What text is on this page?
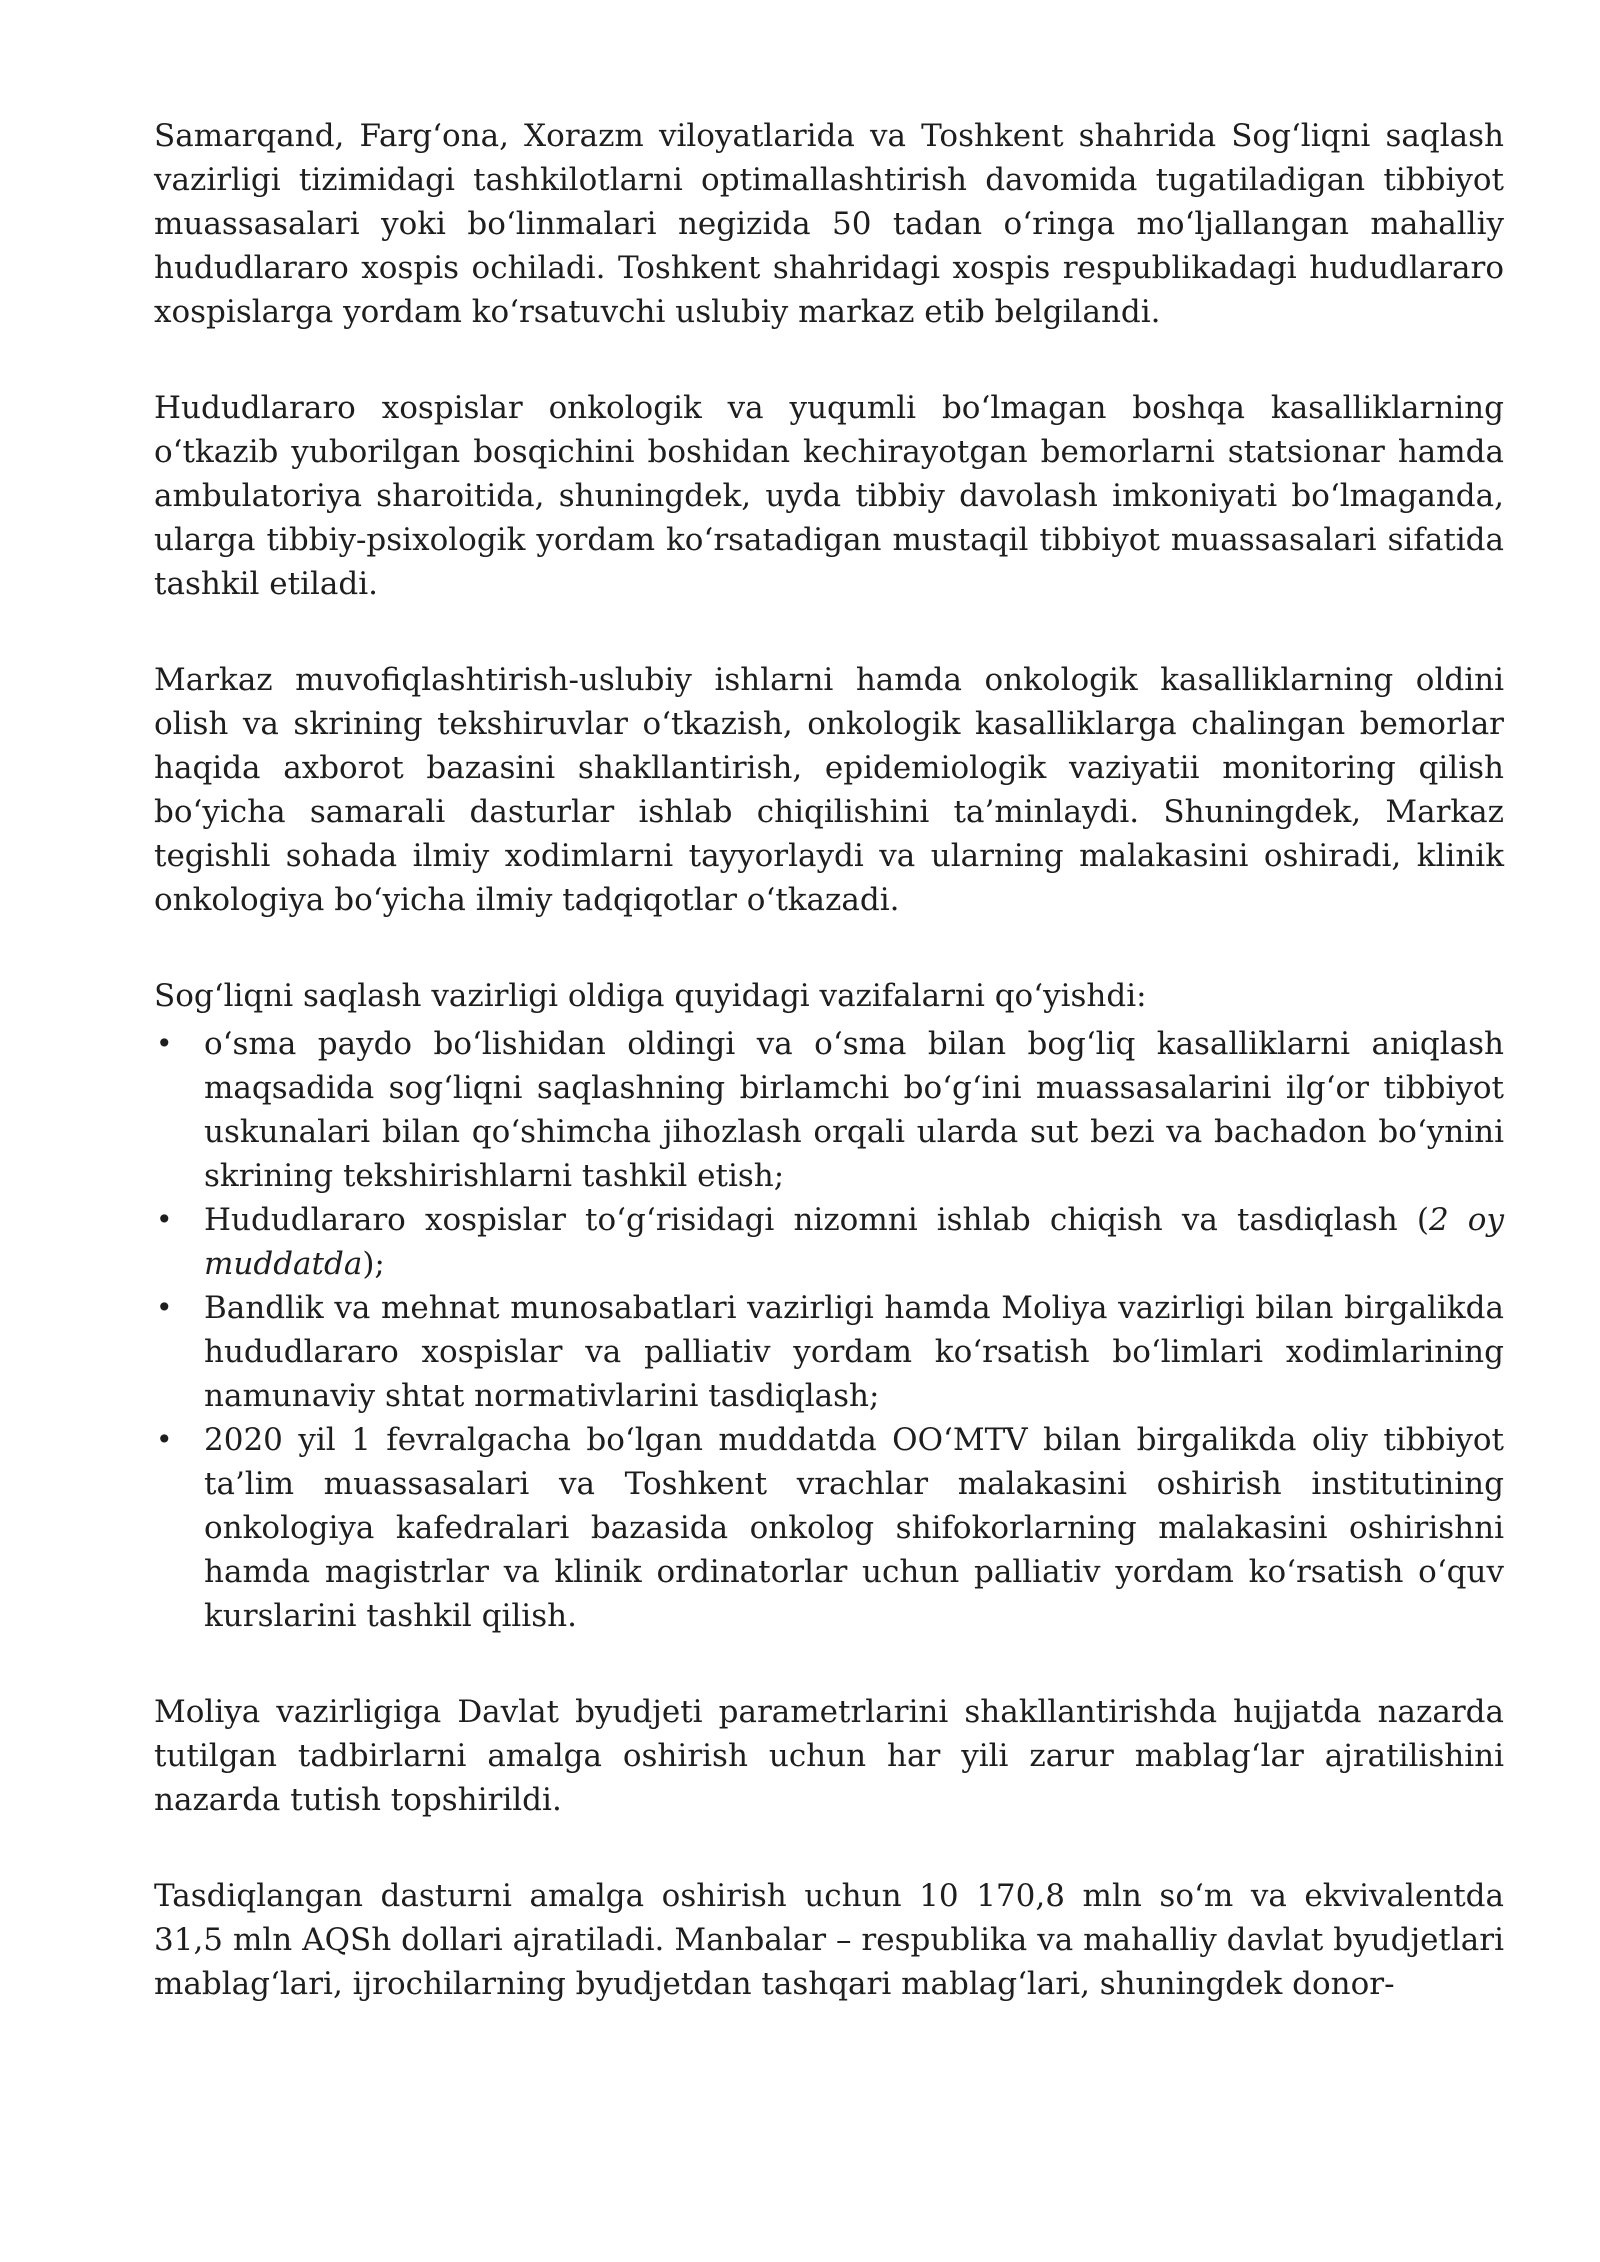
Samarqand, Farg‘ona, Xorazm viloyatlarida va Toshkent shahrida Sog‘liqni saqlash vazirligi tizimidagi tashkilotlarni optimallashtirish davomida tugatiladigan tibbiyot muassasalari yoki bo‘linmalari negizida 50 tadan o‘ringa mo‘ljallangan mahalliy hududlararo xospis ochiladi. Toshkent shahridagi xospis respublikadagi hududlararo xospislarga yordam ko‘rsatuvchi uslubiy markaz etib belgilandi.

Hududlararo xospislar onkologik va yuqumli bo‘lmagan boshqa kasalliklarning o‘tkazib yuborilgan bosqichini boshidan kechirayotgan bemorlarni statsionar hamda ambulatoriya sharoitida, shuningdek, uyda tibbiy davolash imkoniyati bo‘lmaganda, ularga tibbiy-psixologik yordam ko‘rsatadigan mustaqil tibbiyot muassasalari sifatida tashkil etiladi.

Markaz muvofiqlashtirish-uslubiy ishlarni hamda onkologik kasalliklarning oldini olish va skrining tekshiruvlar o‘tkazish, onkologik kasalliklarga chalingan bemorlar haqida axborot bazasini shakllantirish, epidemiologik vaziyatii monitoring qilish bo‘yicha samarali dasturlar ishlab chiqilishini ta’minlaydi. Shuningdek, Markaz tegishli sohada ilmiy xodimlarni tayyorlaydi va ularning malakasini oshiradi, klinik onkologiya bo‘yicha ilmiy tadqiqotlar o‘tkazadi.

Sog‘liqni saqlash vazirligi oldiga quyidagi vazifalarni qo‘yishdi:

• o‘sma paydo bo‘lishidan oldingi va o‘sma bilan bog‘liq kasalliklarni aniqlash maqsadida sog‘liqni saqlashning birlamchi bo‘g‘ini muassasalarini ilg‘or tibbiyot uskunalari bilan qo‘shimcha jihozlash orqali ularda sut bezi va bachadon bo‘ynini skrining tekshirishlarni tashkil etish;
• Hududlararo xospislar to‘g‘risidagi nizomni ishlab chiqish va tasdiqlash (2 oy muddatda);
• Bandlik va mehnat munosabatlari vazirligi hamda Moliya vazirligi bilan birgalikda hududlararo xospislar va palliativ yordam ko‘rsatish bo‘limlari xodimlarining namunaviy shtat normativlarini tasdiqlash;
• 2020 yil 1 fevralgacha bo‘lgan muddatda OO‘MTV bilan birgalikda oliy tibbiyot ta’lim muassasalari va Toshkent vrachlar malakasini oshirish institutining onkologiya kafedralari bazasida onkolog shifokorlarning malakasini oshirishni hamda magistrlar va klinik ordinatorlar uchun palliativ yordam ko‘rsatish o‘quv kurslarini tashkil qilish.

Moliya vazirligiga Davlat byudjeti parametrlarini shakllantirishda hujjatda nazarda tutilgan tadbirlarni amalga oshirish uchun har yili zarur mablag‘lar ajratilishini nazarda tutish topshirildi.

Tasdiqlangan dasturni amalga oshirish uchun 10 170,8 mln so‘m va ekvivalentda 31,5 mln AQSh dollari ajratiladi. Manbalar – respublika va mahalliy davlat byudjetlari mablag‘lari, ijrochilarning byudjetdan tashqari mablag‘lari, shuningdek donor-
